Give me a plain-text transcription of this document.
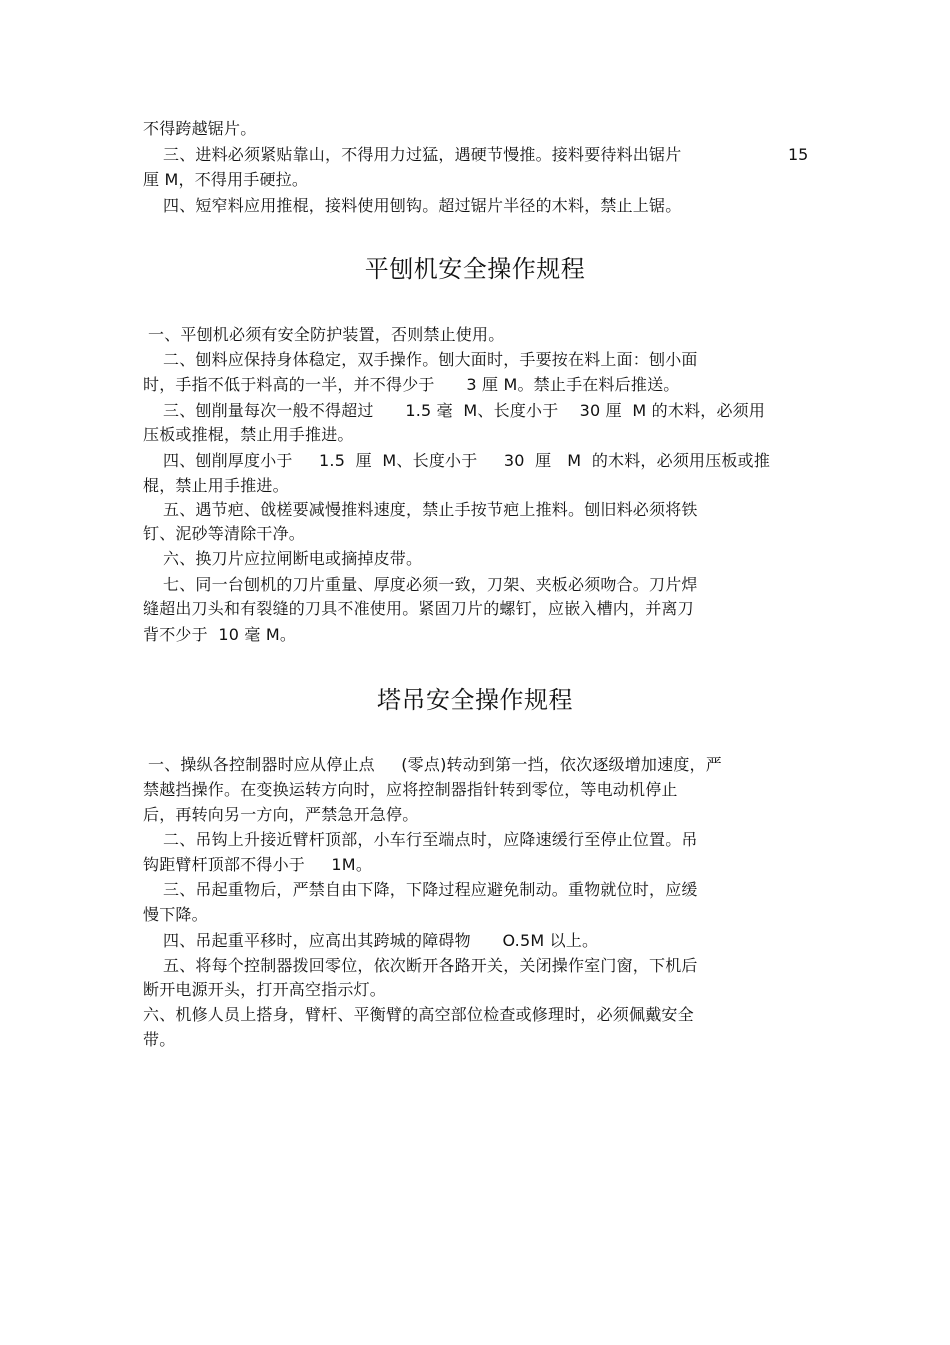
不得跨越锯片。
三、进料必须紧贴靠山，不得用力过猛，遇硬节慢推。接料要待料出锯片	15
厘 M，不得用手硬拉。
四、短窄料应用推棍，接料使用刨钩。超过锯片半径的木料，禁止上锯。
平刨机安全操作规程
一、平刨机必须有安全防护装置，否则禁止使用。
二、刨料应保持身体稳定，双手操作。刨大面时，手要按在料上面：刨小面
时，手指不低于料高的一半，并不得少于      3 厘 M。禁止手在料后推送。
三、刨削量每次一般不得超过      1.5 毫  M、长度小于    30 厘  M 的木料，必须用
压板或推棍，禁止用手推进。
四、刨削厚度小于     1.5  厘  M、长度小于     30  厘   M  的木料，必须用压板或推
棍，禁止用手推进。
五、遇节疤、戗槎要减慢推料速度，禁止手按节疤上推料。刨旧料必须将铁
钉、泥砂等清除干净。
六、换刀片应拉闸断电或摘掉皮带。
七、同一台刨机的刀片重量、厚度必须一致，刀架、夹板必须吻合。刀片焊
缝超出刀头和有裂缝的刀具不准使用。紧固刀片的螺钉，应嵌入槽内，并离刀
背不少于  10 毫 M。
塔吊安全操作规程
一、操纵各控制器时应从停止点     (零点)转动到第一挡，依次逐级增加速度，严
禁越挡操作。在变换运转方向时，应将控制器指针转到零位，等电动机停止
后，再转向另一方向，严禁急开急停。
二、吊钩上升接近臂杆顶部，小车行至端点时，应降速缓行至停止位置。吊
钩距臂杆顶部不得小于     1M。
三、吊起重物后，严禁自由下降，下降过程应避免制动。重物就位时，应缓
慢下降。
四、吊起重平移时，应高出其跨城的障碍物      O.5M 以上。
五、将每个控制器拨回零位，依次断开各路开关，关闭操作室门窗，下机后
断开电源开头，打开高空指示灯。
六、机修人员上搭身，臂杆、平衡臂的高空部位检查或修理时，必须佩戴安全
带。
